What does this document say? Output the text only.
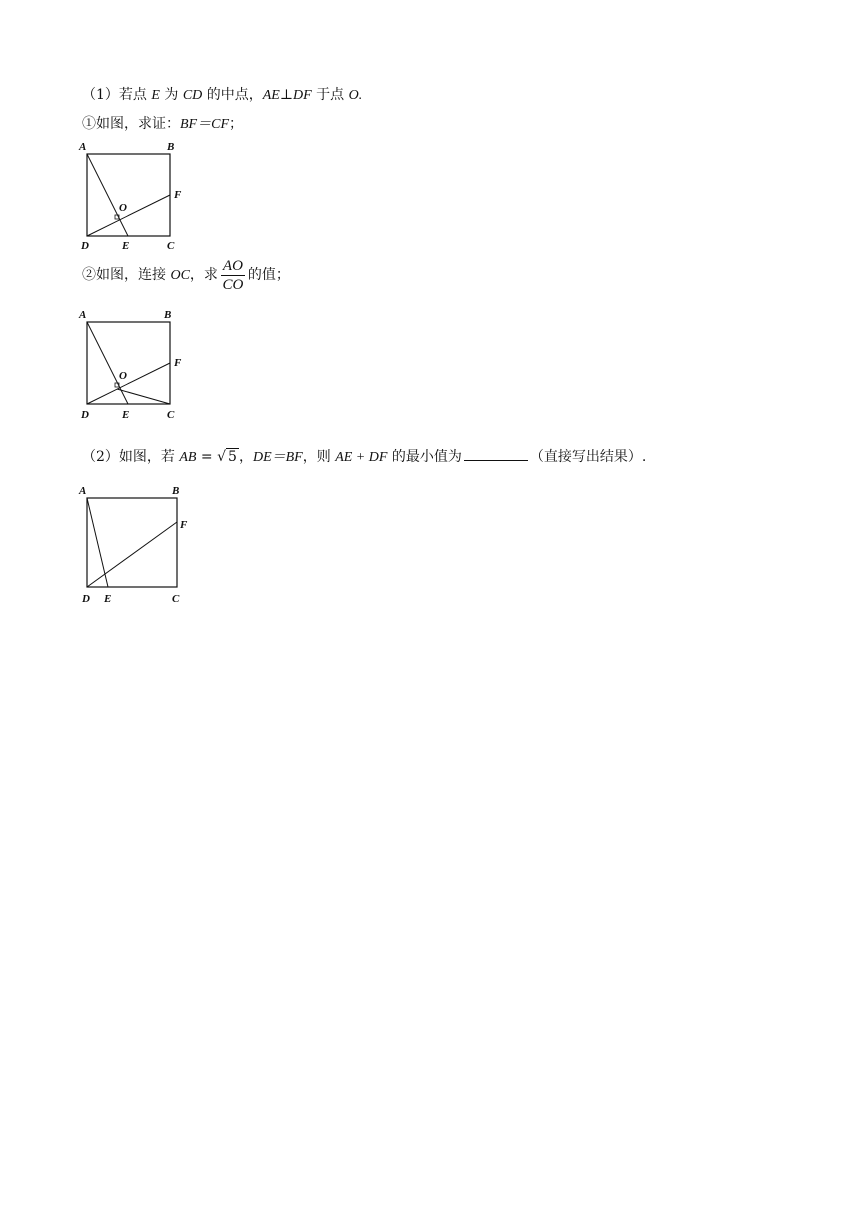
（1）若点 E 为 CD 的中点，AE⊥DF 于点 O.
①如图，求证：BF＝CF；
A	B
F
O
D	E	C
②如图，连接 OC，求 $\frac{AO}{CO}$ 的值；
A	B
F
O
D	E	C
（2）如图，若 AB = √ 5 ，DE＝BF，则 AE + DF 的最小值为	（直接写出结果）.
A	B
F
D E	C
